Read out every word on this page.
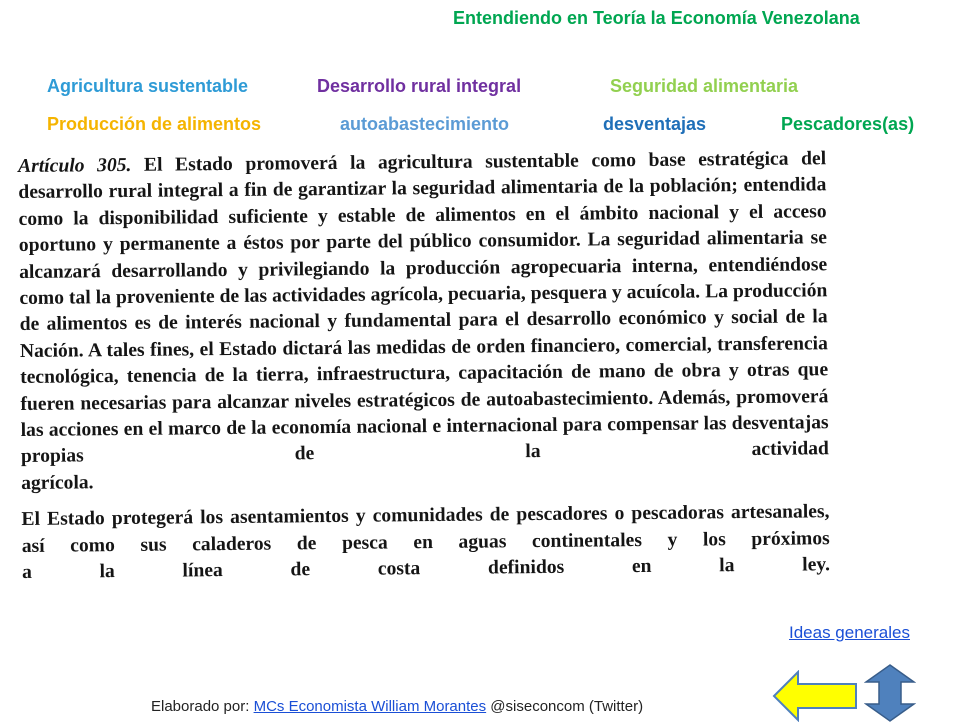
Entendiendo en Teoría la Economía Venezolana
Agricultura sustentable	Desarrollo rural integral	Seguridad alimentaria
Producción de alimentos	autoabastecimiento	desventajas	Pescadores(as)

Artículo 305. El Estado promoverá la agricultura sustentable como base estratégica del desarrollo rural integral a fin de garantizar la seguridad alimentaria de la población; entendida como la disponibilidad suficiente y estable de alimentos en el ámbito nacional y el acceso oportuno y permanente a éstos por parte del público consumidor. La seguridad alimentaria se alcanzará desarrollando y privilegiando la producción agropecuaria interna, entendiéndose como tal la proveniente de las actividades agrícola, pecuaria, pesquera y acuícola. La producción de alimentos es de interés nacional y fundamental para el desarrollo económico y social de la Nación. A tales fines, el Estado dictará las medidas de orden financiero, comercial, transferencia tecnológica, tenencia de la tierra, infraestructura, capacitación de mano de obra y otras que fueren necesarias para alcanzar niveles estratégicos de autoabastecimiento. Además, promoverá las acciones en el marco de la economía nacional e internacional para compensar las desventajas propias de la actividad
agrícola.

El Estado protegerá los asentamientos y comunidades de pescadores o pescadoras artesanales, así como sus caladeros de pesca en aguas continentales y los próximos
a la línea de costa definidos en la ley.

Ideas generales
Elaborado por: MCs Economista William Morantes @siseconcom (Twitter)
